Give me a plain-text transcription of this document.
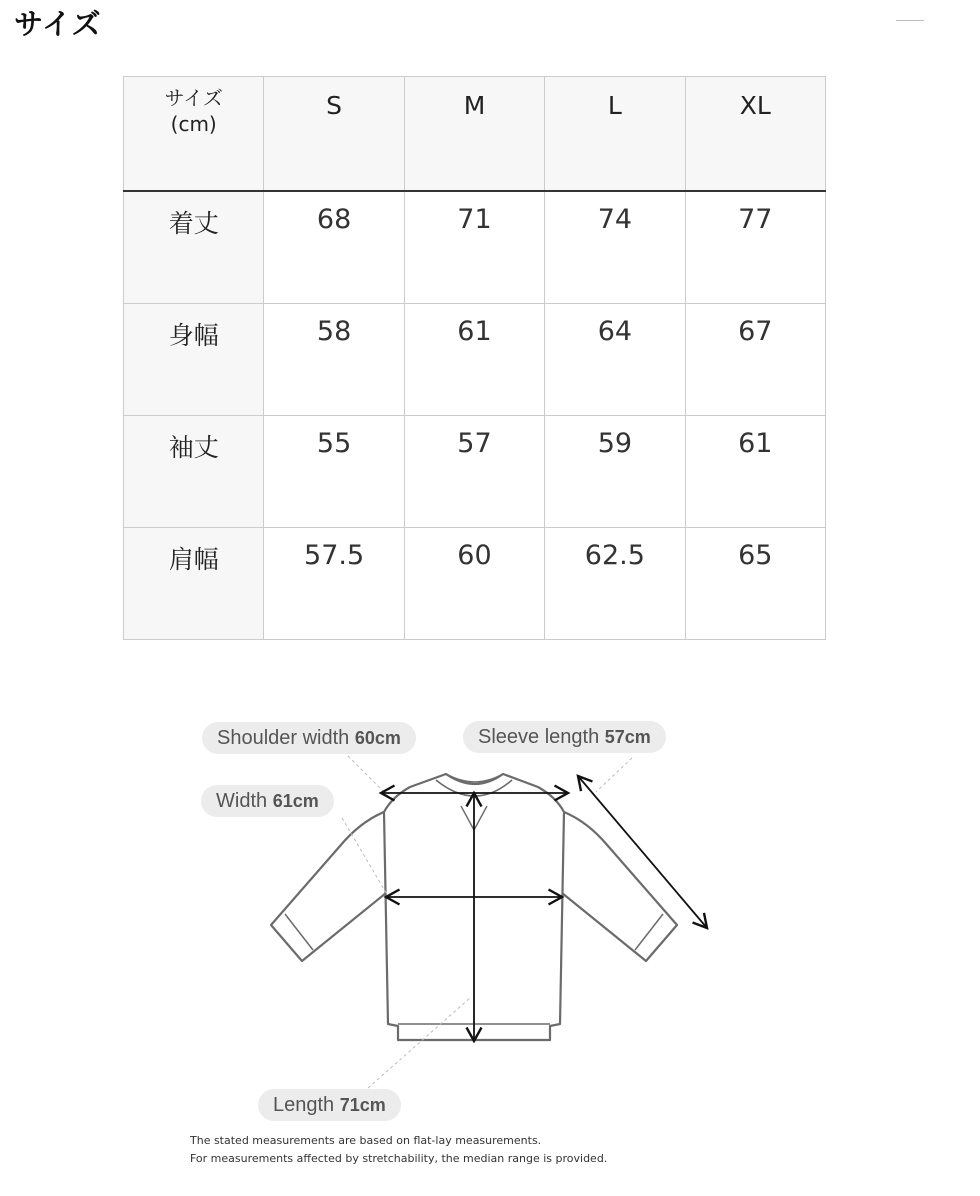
サイズ
サイズ
(cm)	S	M	L	XL
着丈	68	71	74	77
身幅	58	61	64	67
袖丈	55	57	59	61
肩幅	57.5	60	62.5	65
Shoulder width 60cm	Sleeve length 57cm
Width 61cm
Length 71cm
The stated measurements are based on flat-lay measurements.
For measurements affected by stretchability, the median range is provided.
